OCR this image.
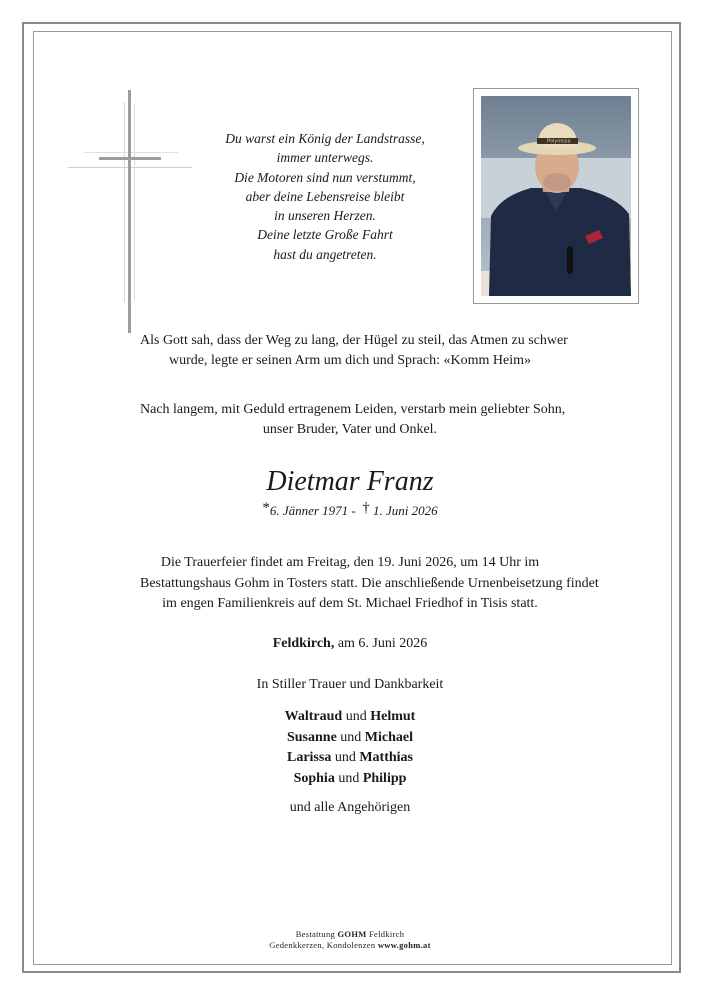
Du warst ein König der Landstrasse,
immer unterwegs.
Die Motoren sind nun verstummt,
aber deine Lebensreise bleibt
in unseren Herzen.
Deine letzte Große Fahrt
hast du angetreten.
Polynesia
Als Gott sah, dass der Weg zu lang, der Hügel zu steil, das Atmen zu schwer
wurde, legte er seinen Arm um dich und Sprach: «Komm Heim»
Nach langem, mit Geduld ertragenem Leiden, verstarb mein geliebter Sohn,
unser Bruder, Vater und Onkel.
Dietmar Franz
*6. Jänner 1971 - † 1. Juni 2026
Die Trauerfeier findet am Freitag, den 19. Juni 2026, um 14 Uhr im
Bestattungshaus Gohm in Tosters statt. Die anschließende Urnenbeisetzung findet
im engen Familienkreis auf dem St. Michael Friedhof in Tisis statt.
Feldkirch, am 6. Juni 2026
In Stiller Trauer und Dankbarkeit
Waltraud und Helmut
Susanne und Michael
Larissa und Matthias
Sophia und Philipp
und alle Angehörigen
Bestattung GOHM Feldkirch
Gedenkkerzen, Kondolenzen www.gohm.at
